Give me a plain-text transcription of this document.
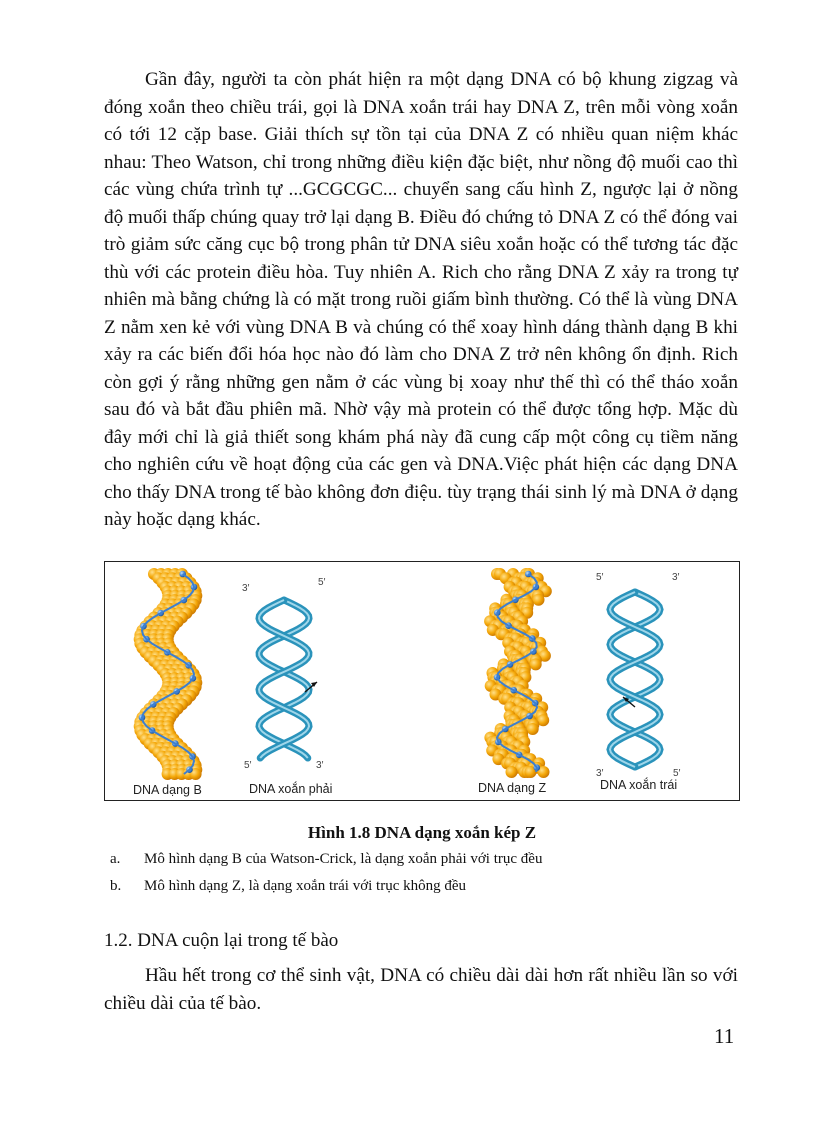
Gần đây, người ta còn phát hiện ra một dạng DNA có bộ khung zigzag và đóng xoắn theo chiều trái, gọi là DNA xoắn trái hay DNA Z, trên mỗi vòng xoắn có tới 12 cặp base. Giải thích sự tồn tại của DNA Z có nhiều quan niệm khác nhau: Theo Watson, chỉ trong những điều kiện đặc biệt, như nồng độ muối cao thì các vùng chứa trình tự ...GCGCGC... chuyển sang cấu hình Z, ngược lại ở nồng độ muối thấp chúng quay trở lại dạng B. Điều đó chứng tỏ DNA Z có thể đóng vai trò giảm sức căng cục bộ trong phân tử DNA siêu xoắn hoặc có thể tương tác đặc thù với các protein điều hòa. Tuy nhiên A. Rich cho rằng DNA Z xảy ra trong tự nhiên mà bằng chứng là có mặt trong ruồi giấm bình thường. Có thể là vùng DNA Z nằm xen kẻ với vùng DNA B và chúng có thể xoay hình dáng thành dạng B khi xảy ra các biến đổi hóa học nào đó làm cho DNA Z trở nên không ổn định. Rich còn gợi ý rằng những gen nằm ở các vùng bị xoay như thế thì có thể tháo xoắn sau đó và bắt đầu phiên mã. Nhờ vậy mà protein có thể được tổng hợp. Mặc dù đây mới chỉ là giả thiết song khám phá này đã cung cấp một công cụ tiềm năng cho nghiên cứu về hoạt động của các gen và DNA.Việc phát hiện các dạng DNA cho thấy DNA trong tế bào không đơn điệu. tùy trạng thái sinh lý mà DNA ở dạng này hoặc dạng khác.

3′
5′
5′	3′
5′	3′
3′	5′
DNA dạng B	DNA xoắn phải	DNA dạng Z	DNA xoắn trái

Hình 1.8 DNA dạng xoắn kép Z

a. Mô hình dạng B của Watson-Crick, là dạng xoắn phải với trục đều

b. Mô hình dạng Z, là dạng xoắn trái với trục không đều

1.2. DNA cuộn lại trong tế bào

Hầu hết trong cơ thể sinh vật, DNA có chiều dài dài hơn rất nhiều lần so với chiều dài của tế bào.

11
